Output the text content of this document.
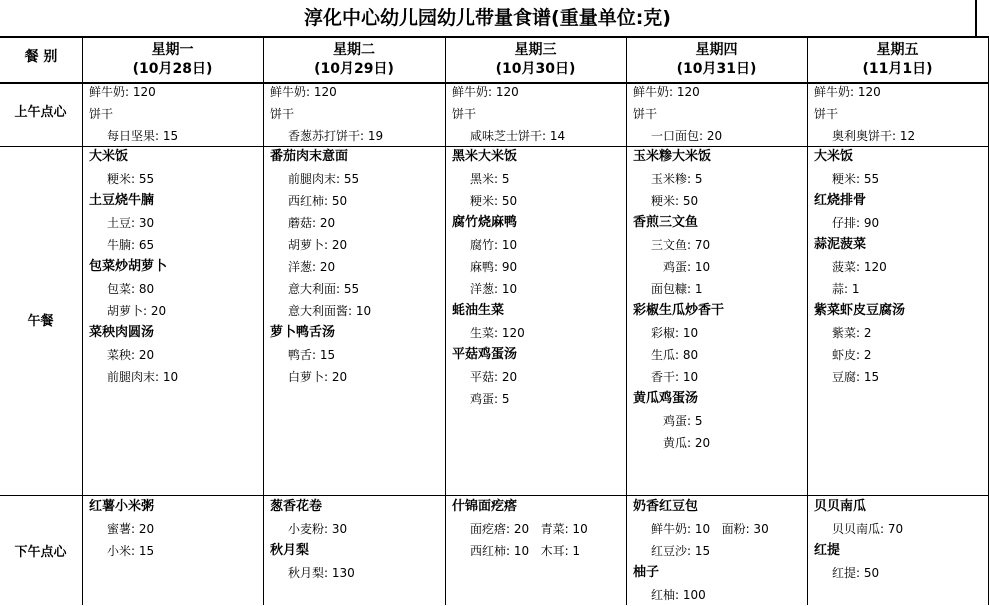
淳化中心幼儿园幼儿带量食谱(重量单位:克)
餐 别	星期一
(10月28日)
星期二
(10月29日)
星期三
(10月30日)
星期四
(10月31日)
星期五
(11月1日)
上午点心
鲜牛奶: 120
饼干
每日坚果: 15
鲜牛奶: 120
饼干
香葱苏打饼干: 19
鲜牛奶: 120
饼干
咸味芝士饼干: 14
鲜牛奶: 120
饼干
一口面包: 20
鲜牛奶: 120
饼干
奥利奥饼干: 12
午餐
大米饭
粳米: 55
土豆烧牛腩
土豆: 30
牛腩: 65
包菜炒胡萝卜
包菜: 80
胡萝卜: 20
菜秧肉圆汤
菜秧: 20
前腿肉末: 10
番茄肉末意面
前腿肉末: 55
西红柿: 50
蘑菇: 20
胡萝卜: 20
洋葱: 20
意大利面: 55
意大利面酱: 10
萝卜鸭舌汤
鸭舌: 15
白萝卜: 20
黑米大米饭
黑米: 5
粳米: 50
腐竹烧麻鸭
腐竹: 10
麻鸭: 90
洋葱: 10
蚝油生菜
生菜: 120
平菇鸡蛋汤
平菇: 20
鸡蛋: 5
玉米糁大米饭
玉米糁: 5
粳米: 50
香煎三文鱼
三文鱼: 70
鸡蛋: 10
面包糠: 1
彩椒生瓜炒香干
彩椒: 10
生瓜: 80
香干: 10
黄瓜鸡蛋汤
鸡蛋: 5
黄瓜: 20
大米饭
粳米: 55
红烧排骨
仔排: 90
蒜泥菠菜
菠菜: 120
蒜: 1
紫菜虾皮豆腐汤
紫菜: 2
虾皮: 2
豆腐: 15
下午点心
红薯小米粥
蜜薯: 20
小米: 15
葱香花卷
小麦粉: 30
秋月梨
秋月梨: 130
什锦面疙瘩
面疙瘩: 20   青菜: 10
西红柿: 10   木耳: 1
奶香红豆包
鲜牛奶: 10   面粉: 30
红豆沙: 15
柚子
红柚: 100
贝贝南瓜
贝贝南瓜: 70
红提
红提: 50
